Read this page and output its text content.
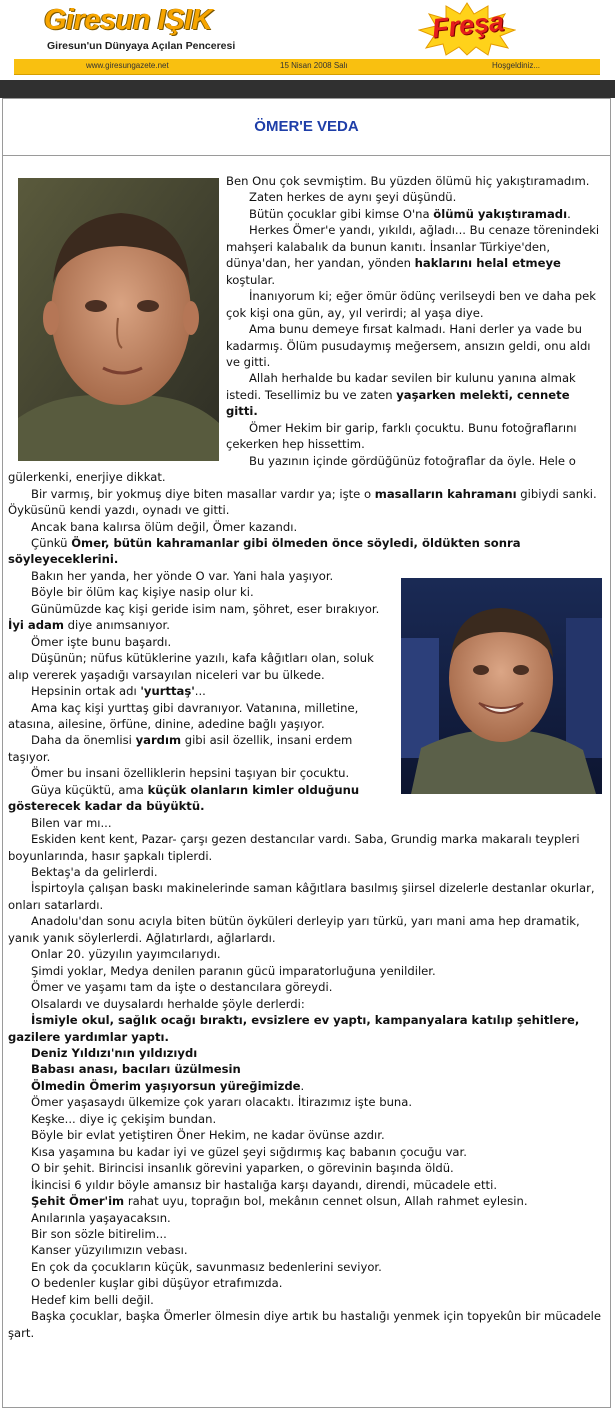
Giresun IŞIK
Giresun'un Dünyaya Açılan Penceresi
Freşa
www.giresungazete.net	15 Nisan 2008 Salı	Hoşgeldiniz...
ÖMER'E VEDA

Ben Onu çok sevmiştim. Bu yüzden ölümü hiç yakıştıramadım.

Zaten herkes de aynı şeyi düşündü.

Bütün çocuklar gibi kimse O'na ölümü yakıştıramadı.

Herkes Ömer'e yandı, yıkıldı, ağladı... Bu cenaze törenindeki mahşeri kalabalık da bunun kanıtı. İnsanlar Türkiye'den, dünya'dan, her yandan, yönden haklarını helal etmeye koştular.

İnanıyorum ki; eğer ömür ödünç verilseydi ben ve daha pek çok kişi ona gün, ay, yıl verirdi; al yaşa diye.

Ama bunu demeye fırsat kalmadı. Hani derler ya vade bu kadarmış. Ölüm pusudaymış meğersem, ansızın geldi, onu aldı ve gitti.

Allah herhalde bu kadar sevilen bir kulunu yanına almak istedi. Tesellimiz bu ve zaten yaşarken melekti, cennete gitti.

Ömer Hekim bir garip, farklı çocuktu. Bunu fotoğraflarını çekerken hep hissettim.

Bu yazının içinde gördüğünüz fotoğraflar da öyle. Hele o gülerkenki, enerjiye dikkat.

Bir varmış, bir yokmuş diye biten masallar vardır ya; işte o masalların kahramanı gibiydi sanki. Öyküsünü kendi yazdı, oynadı ve gitti.

Ancak bana kalırsa ölüm değil, Ömer kazandı.

Çünkü Ömer, bütün kahramanlar gibi ölmeden önce söyledi, öldükten sonra söyleyeceklerini.

Bakın her yanda, her yönde O var. Yani hala yaşıyor.

Böyle bir ölüm kaç kişiye nasip olur ki.

Günümüzde kaç kişi geride isim nam, şöhret, eser bırakıyor. İyi adam diye anımsanıyor.

Ömer işte bunu başardı.

Düşünün; nüfus kütüklerine yazılı, kafa kâğıtları olan, soluk alıp vererek yaşadığı varsayılan niceleri var bu ülkede.

Hepsinin ortak adı 'yurttaş'...

Ama kaç kişi yurttaş gibi davranıyor. Vatanına, milletine, atasına, ailesine, örfüne, dinine, adedine bağlı yaşıyor.

Daha da önemlisi yardım gibi asil özellik, insani erdem taşıyor.

Ömer bu insani özelliklerin hepsini taşıyan bir çocuktu.

Güya küçüktü, ama küçük olanların kimler olduğunu gösterecek kadar da büyüktü.

Bilen var mı...

Eskiden kent kent, Pazar- çarşı gezen destancılar vardı. Saba, Grundig marka makaralı teypleri boyunlarında, hasır şapkalı tiplerdi.

Bektaş'a da gelirlerdi.

İspirtoyla çalışan baskı makinelerinde saman kâğıtlara basılmış şiirsel dizelerle destanlar okurlar, onları satarlardı.

Anadolu'dan sonu acıyla biten bütün öyküleri derleyip yarı türkü, yarı mani ama hep dramatik, yanık yanık söylerlerdi. Ağlatırlardı, ağlarlardı.

Onlar 20. yüzyılın yayımcılarıydı.

Şimdi yoklar, Medya denilen paranın gücü imparatorluğuna yenildiler.

Ömer ve yaşamı tam da işte o destancılara göreydi.

Olsalardı ve duysalardı herhalde şöyle derlerdi:

İsmiyle okul, sağlık ocağı bıraktı, evsizlere ev yaptı, kampanyalara katılıp şehitlere, gazilere yardımlar yaptı.

Deniz Yıldızı'nın yıldızıydı

Babası anası, bacıları üzülmesin

Ölmedin Ömerim yaşıyorsun yüreğimizde.

Ömer yaşasaydı ülkemize çok yararı olacaktı. İtirazımız işte buna.

Keşke... diye iç çekişim bundan.

Böyle bir evlat yetiştiren Öner Hekim, ne kadar övünse azdır.

Kısa yaşamına bu kadar iyi ve güzel şeyi sığdırmış kaç babanın çocuğu var.

O bir şehit. Birincisi insanlık görevini yaparken, o görevinin başında öldü.

İkincisi 6 yıldır böyle amansız bir hastalığa karşı dayandı, direndi, mücadele etti.

Şehit Ömer'im rahat uyu, toprağın bol, mekânın cennet olsun, Allah rahmet eylesin.

Anılarınla yaşayacaksın.

Bir son sözle bitirelim...

Kanser yüzyılımızın vebası.

En çok da çocukların küçük, savunmasız bedenlerini seviyor.

O bedenler kuşlar gibi düşüyor etrafımızda.

Hedef kim belli değil.

Başka çocuklar, başka Ömerler ölmesin diye artık bu hastalığı yenmek için topyekûn bir mücadele şart.
